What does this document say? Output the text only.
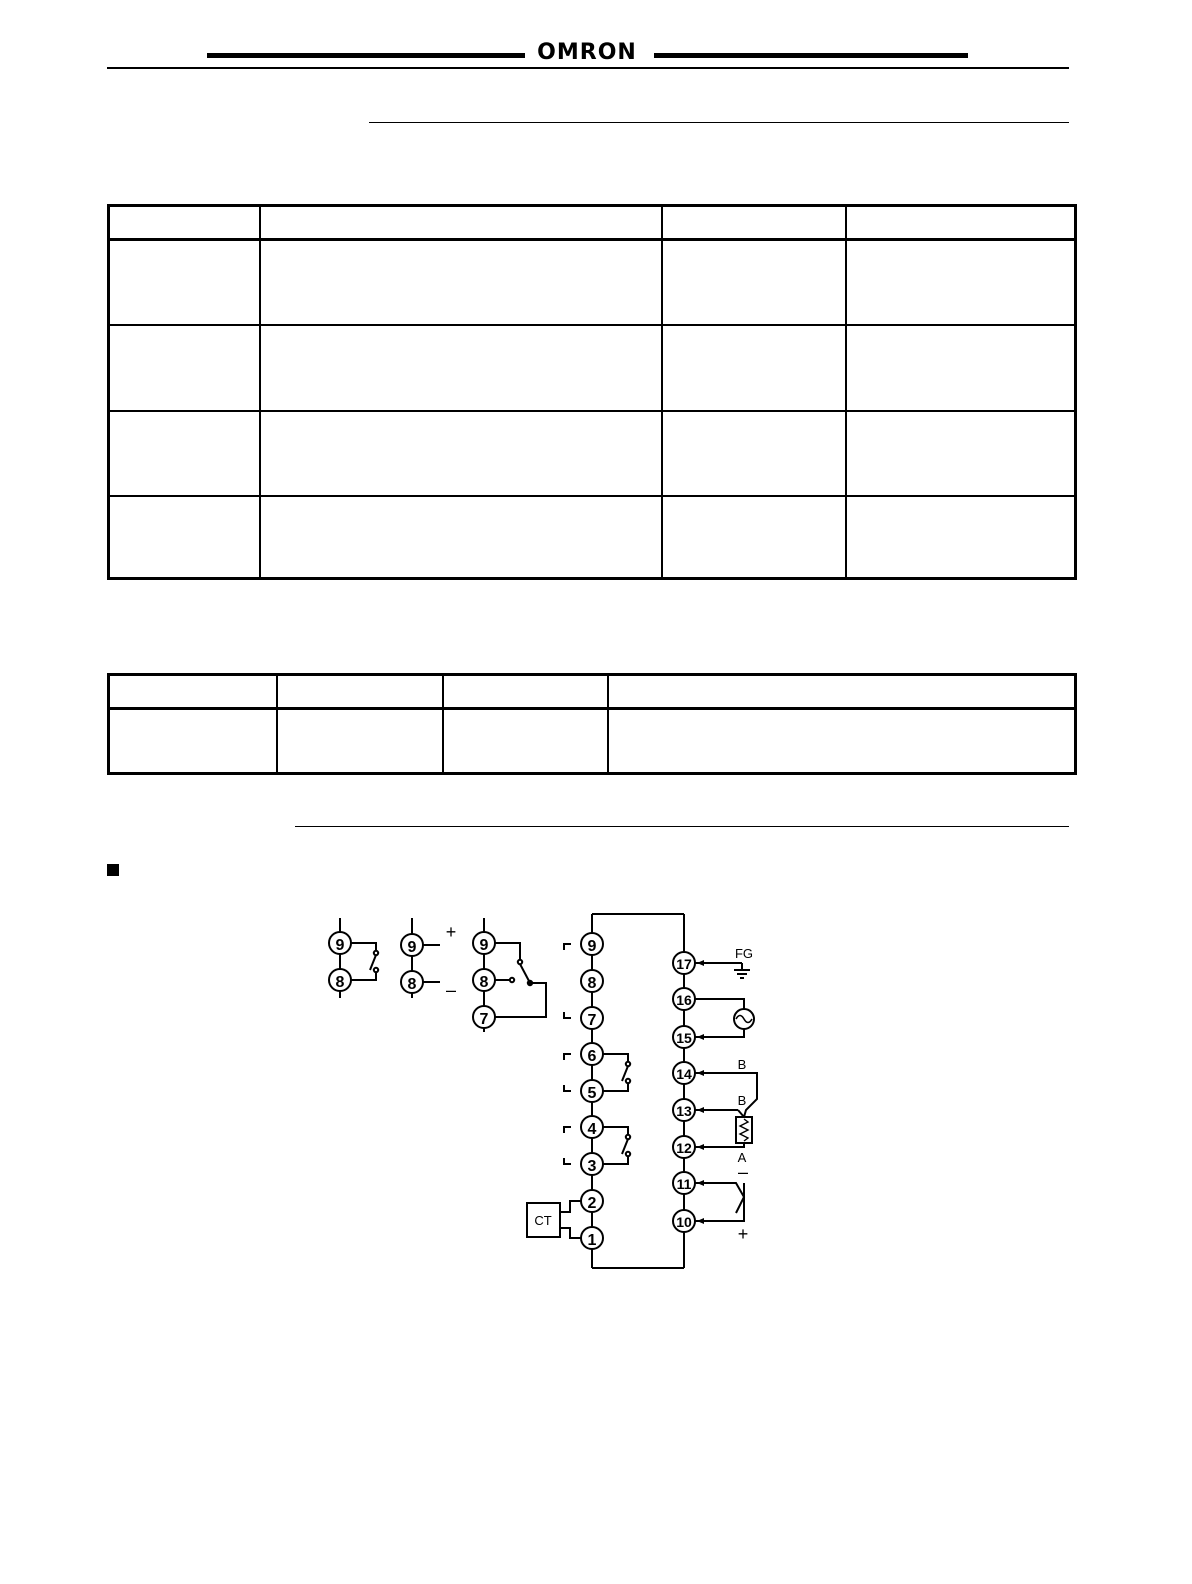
OMRON

9
8
9
8
+
–
9
8
7
CT
9
8
7
6
5
4
3
2
1
FG
B
B
A
–
+
17
16
15
14
13
12
11
10
